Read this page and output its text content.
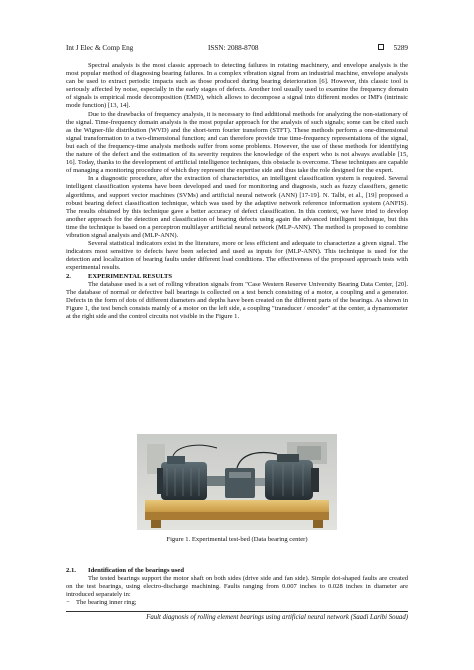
Int J Elec & Comp Eng	ISSN: 2088-8708	5289

Spectral analysis is the most classic approach to detecting failures in rotating machinery, and envelope analysis is the most popular method of diagnosing bearing failures. In a complex vibration signal from an industrial machine, envelope analysis can be used to extract periodic impacts such as those produced during bearing deterioration [6]. However, this classic tool is seriously affected by noise, especially in the early stages of defects. Another tool usually used to examine the frequency domain of signals is empirical mode decomposition (EMD), which allows to decompose a signal into different modes or IMFs (intrinsic mode function) [13, 14].

Due to the drawbacks of frequency analysis, it is necessary to find additional methods for analyzing the non-stationary of the signal. Time-frequency domain analysis is the most popular approach for the analysis of such signals; some can be cited such as the Wigner-file distribution (WVD) and the short-term fourier transform (STFT). These methods perform a one-dimensional signal transformation to a two-dimensional function; and can therefore provide true time-frequency representations of the signal, but each of the frequency-time analysis methods suffer from some problems. However, the use of these methods for identifying the nature of the defect and the estimation of its severity requires the knowledge of the expert who is not always available [15, 16]. Today, thanks to the development of artificial intelligence techniques, this obstacle is overcome. These techniques are capable of managing a monitoring procedure of which they represent the expertise side and thus take the role designed for the expert.

In a diagnostic procedure, after the extraction of characteristics, an intelligent classification system is required. Several intelligent classification systems have been developed and used for monitoring and diagnosis, such as fuzzy classifiers, genetic algorithms, and support vector machines (SVMs) and artificial neural network (ANN) [17-19]. N. Talbi, et al., [19] proposed a robust bearing defect classification technique, which was used by the adaptive network reference information system (ANFIS). The results obtained by this technique gave a better accuracy of defect classification. In this context, we have tried to develop another approach for the detection and classification of bearing defects using again the advanced intelligent technique, but this time the technique is based on a perceptron multilayer artificial neural network (MLP-ANN). The method is proposed to combine vibration signal analysis and (MLP-ANN).

Several statistical indicators exist in the literature, more or less efficient and adequate to characterize a given signal. The indicators most sensitive to defects have been selected and used as inputs for (MLP-ANN). This technique is used for the detection and localization of bearing faults under different load conditions. The effectiveness of the proposed approach tests with experimental results.

2.	EXPERIMENTAL RESULTS

The database used is a set of rolling vibration signals from "Case Western Reserve University Bearing Data Center, [20]. The database of normal or defective ball bearings is collected on a test bench consisting of a motor, a coupling and a generator. Defects in the form of dots of different diameters and depths have been created on the different parts of the bearings. As shown in Figure 1, the test bench consists mainly of a motor on the left side, a coupling "transducer / encoder" at the center, a dynamometer at the right side and the control circuits not visible in the Figure 1.

Figure 1. Experimental test-bed (Data bearing center)
2.1. Identification of the bearings used

The tested bearings support the motor shaft on both sides (drive side and fan side). Simple dot-shaped faults are created on the test bearings, using electro-discharge machining. Faults ranging from 0.007 inches to 0.028 inches in diameter are introduced separately in:

− The bearing inner ring;

Fault diagnosis of rolling element bearings using artificial neural network (Saadi Laribi Souad)
